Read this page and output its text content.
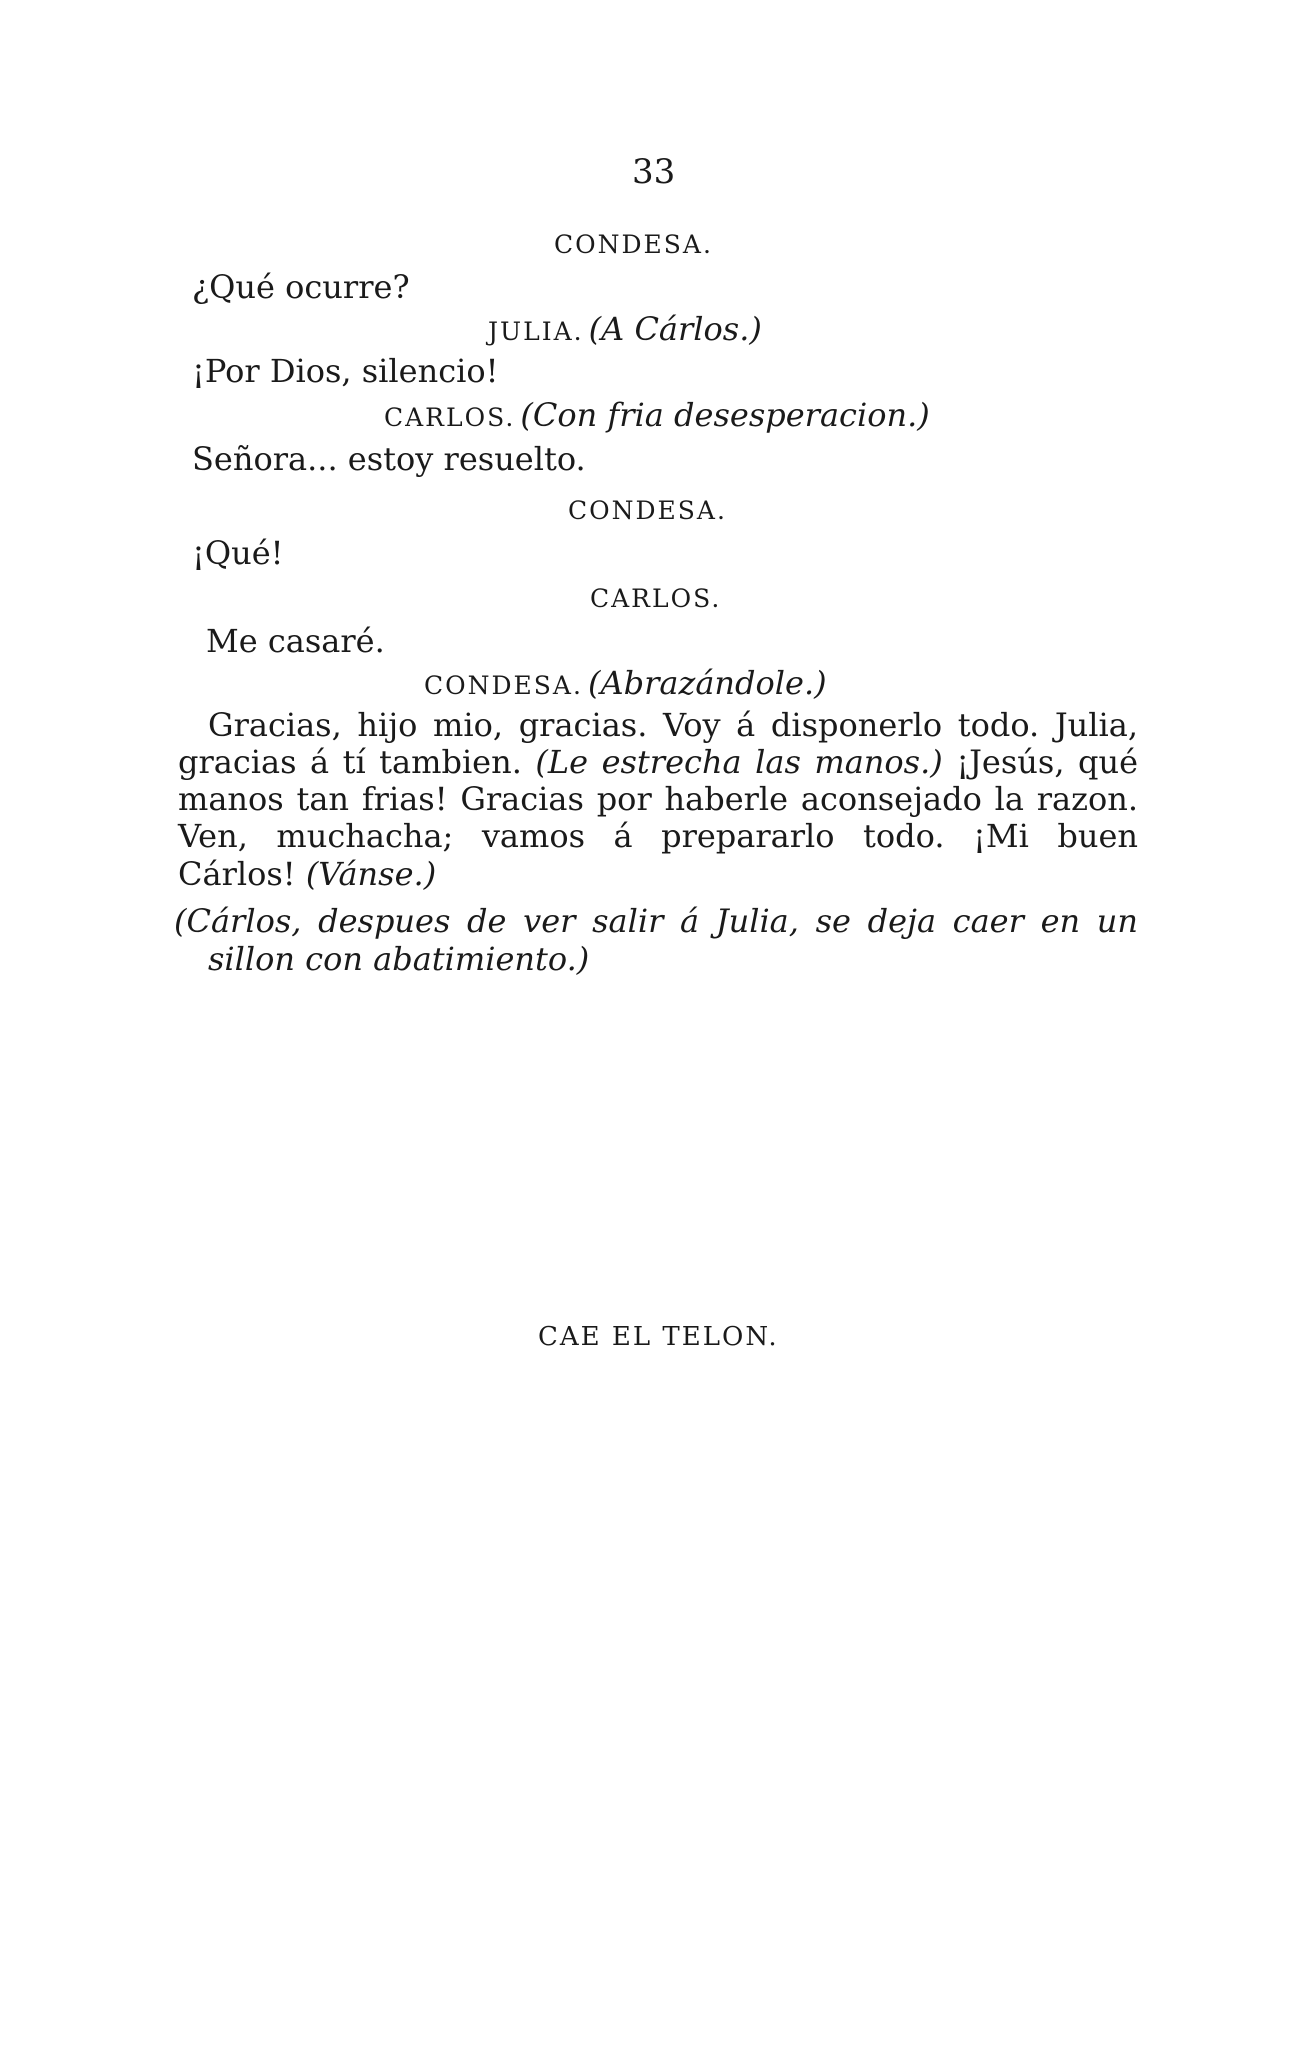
33
CONDESA.
¿Qué ocurre?
JULIA. (A Cárlos.)
¡Por Dios, silencio!
CARLOS. (Con fria desesperacion.)
Señora... estoy resuelto.
CONDESA.
¡Qué!
CARLOS.
Me casaré.
CONDESA. (Abrazándole.)
Gracias, hijo mio, gracias. Voy á disponerlo todo. Julia,
gracias á tí tambien. (Le estrecha las manos.) ¡Jesús, qué
manos tan frias! Gracias por haberle aconsejado la razon.
Ven, muchacha; vamos á prepararlo todo. ¡Mi buen
Cárlos! (Vánse.)
(Cárlos, despues de ver salir á Julia, se deja caer en un
sillon con abatimiento.)
CAE EL TELON.
